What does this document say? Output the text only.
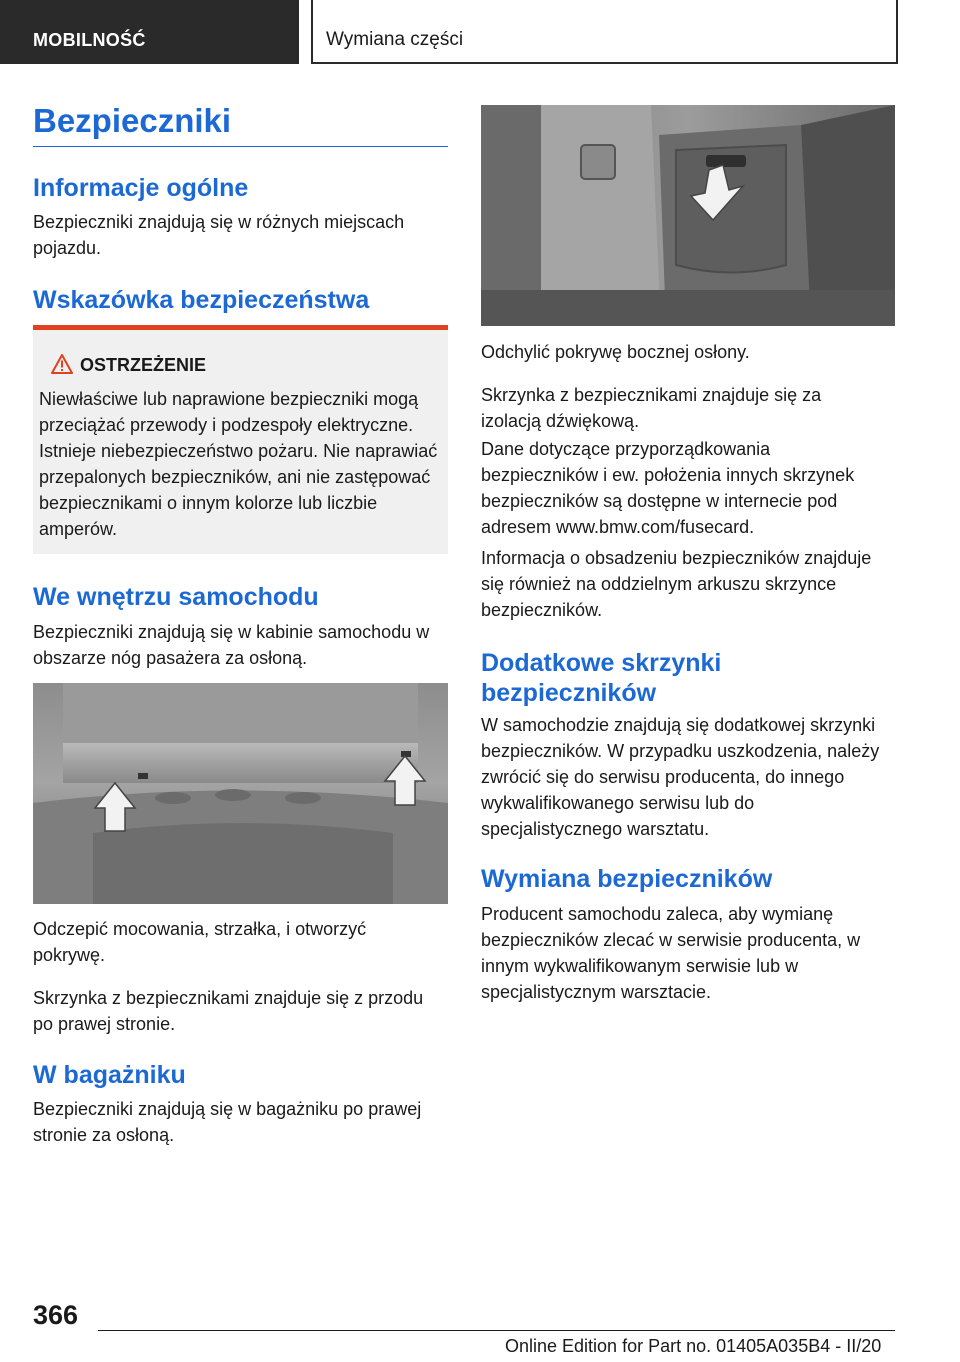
MOBILNOŚĆ	Wymiana części
Bezpieczniki
Informacje ogólne

Bezpieczniki znajdują się w różnych miejscach pojazdu.

Wskazówka bezpieczeństwa
OSTRZEŻENIE

Niewłaściwe lub naprawione bezpieczniki mogą przeciążać przewody i podzespoły elektryczne. Istnieje niebezpieczeństwo pożaru. Nie naprawiać przepalonych bezpieczników, ani nie zastępować bezpiecznikami o innym kolorze lub liczbie amperów.

We wnętrzu samochodu

Bezpieczniki znajdują się w kabinie samochodu w obszarze nóg pasażera za osłoną.

Odczepić mocowania, strzałka, i otworzyć pokrywę.

Skrzynka z bezpiecznikami znajduje się z przodu po prawej stronie.

W bagażniku

Bezpieczniki znajdują się w bagażniku po prawej stronie za osłoną.

Odchylić pokrywę bocznej osłony.

Skrzynka z bezpiecznikami znajduje się za izolacją dźwiękową.

Dane dotyczące przyporządkowania bezpieczników i ew. położenia innych skrzynek bezpieczników są dostępne w internecie pod adresem www.bmw.com/fusecard.

Informacja o obsadzeniu bezpieczników znajduje się również na oddzielnym arkuszu skrzynce bezpieczników.

Dodatkowe skrzynki bezpieczników

W samochodzie znajdują się dodatkowej skrzynki bezpieczników. W przypadku uszkodzenia, należy zwrócić się do serwisu producenta, do innego wykwalifikowanego serwisu lub do specjalistycznego warsztatu.

Wymiana bezpieczników

Producent samochodu zaleca, aby wymianę bezpieczników zlecać w serwisie producenta, w innym wykwalifikowanym serwisie lub w specjalistycznym warsztacie.

366
Online Edition for Part no. 01405A035B4 - II/20
